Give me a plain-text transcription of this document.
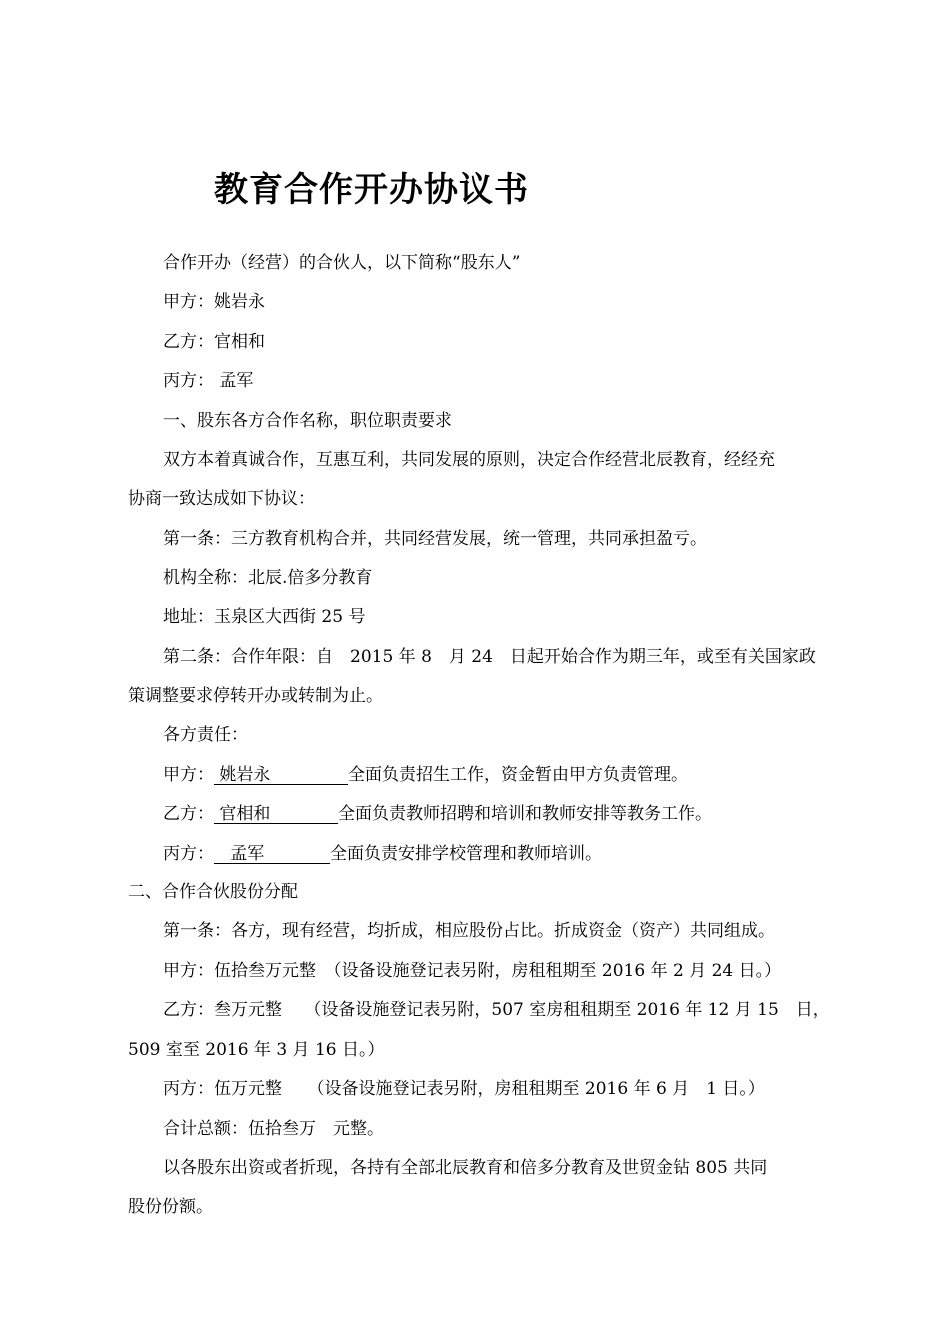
教育合作开办协议书
合作开办（经营）的合伙人，以下简称“股东人”
甲方：姚岩永
乙方：官相和
丙方： 孟军
一、股东各方合作名称，职位职责要求
双方本着真诚合作，互惠互利，共同发展的原则，决定合作经营北辰教育，经经充
协商一致达成如下协议：
第一条：三方教育机构合并，共同经营发展，统一管理，共同承担盈亏。
机构全称：北辰.倍多分教育
地址：玉泉区大西街 25 号
第二条：合作年限：自　2015 年 8　月 24　日起开始合作为期三年，或至有关国家政
策调整要求停转开办或转制为止。
各方责任：
甲方： 姚岩永        全面负责招生工作，资金暂由甲方负责管理。
乙方： 官相和        全面负责教师招聘和培训和教师安排等教务工作。
丙方：   孟军          全面负责安排学校管理和教师培训。
二、合作合伙股份分配
第一条：各方，现有经营，均折成，相应股份占比。折成资金（资产）共同组成。
甲方：伍拾叁万元整　（设备设施登记表另附，房租租期至 2016 年 2 月 24 日。）
乙方：叁万元整　 （设备设施登记表另附，507 室房租租期至 2016 年 12 月 15　日，
509 室至 2016 年 3 月 16 日。）
丙方：伍万元整　　（设备设施登记表另附，房租租期至 2016 年 6 月　1 日。）
合计总额：伍拾叁万　元整。
以各股东出资或者折现，各持有全部北辰教育和倍多分教育及世贸金钻 805 共同
股份份额。
